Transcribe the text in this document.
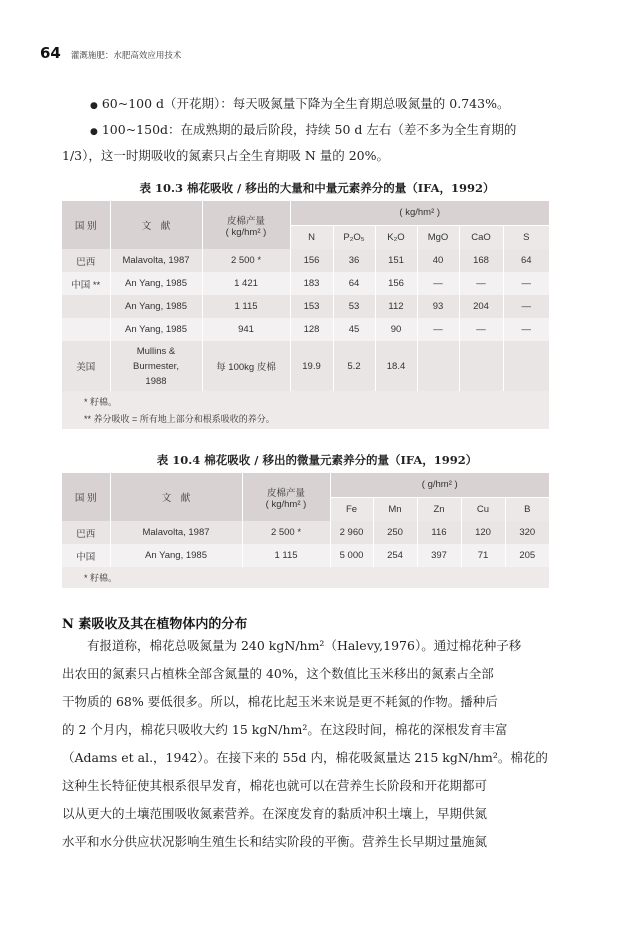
64 灌溉施肥：水肥高效应用技术
● 60~100 d（开花期）：每天吸氮量下降为全生育期总吸氮量的 0.743%。
● 100~150d：在成熟期的最后阶段，持续 50 d 左右（差不多为全生育期的
1/3），这一时期吸收的氮素只占全生育期吸 N 量的 20%。
表 10.3 棉花吸收 / 移出的大量和中量元素养分的量（IFA，1992）
国 别	文　献	皮棉产量
( kg/hm² )	( kg/hm² )					
			N	P₂O₅	K₂O	MgO	CaO	S
巴西	Malavolta, 1987	2 500 *	156	36	151	40	168	64
中国 **	An Yang, 1985	1 421	183	64	156	—	—	—
	An Yang, 1985	1 115	153	53	112	93	204	—
	An Yang, 1985	941	128	45	90	—	—	—
美国	Mullins &
Burmester,
1988	每 100kg 皮棉	19.9	5.2	18.4			

* 籽棉。
** 养分吸收 = 所有地上部分和根系吸收的养分。								
表 10.4 棉花吸收 / 移出的微量元素养分的量（IFA，1992）
国 别	文　献	皮棉产量
( kg/hm² )	( g/hm² )				
			Fe	Mn	Zn	Cu	B
巴西	Malavolta, 1987	2 500 *	2 960	250	116	120	320
中国	An Yang, 1985	1 115	5 000	254	397	71	205

* 籽棉。							
N 素吸收及其在植物体内的分布
　　有报道称，棉花总吸氮量为 240 kgN/hm²（Halevy,1976）。通过棉花种子移
出农田的氮素只占植株全部含氮量的 40%，这个数值比玉米移出的氮素占全部
干物质的 68% 要低很多。所以，棉花比起玉米来说是更不耗氮的作物。播种后
的 2 个月内，棉花只吸收大约 15 kgN/hm²。在这段时间，棉花的深根发育丰富
（Adams et al.，1942）。在接下来的 55d 内，棉花吸氮量达 215 kgN/hm²。棉花的
这种生长特征使其根系很早发育，棉花也就可以在营养生长阶段和开花期都可
以从更大的土壤范围吸收氮素营养。在深度发育的黏质冲积土壤上，早期供氮
水平和水分供应状况影响生殖生长和结实阶段的平衡。营养生长早期过量施氮
